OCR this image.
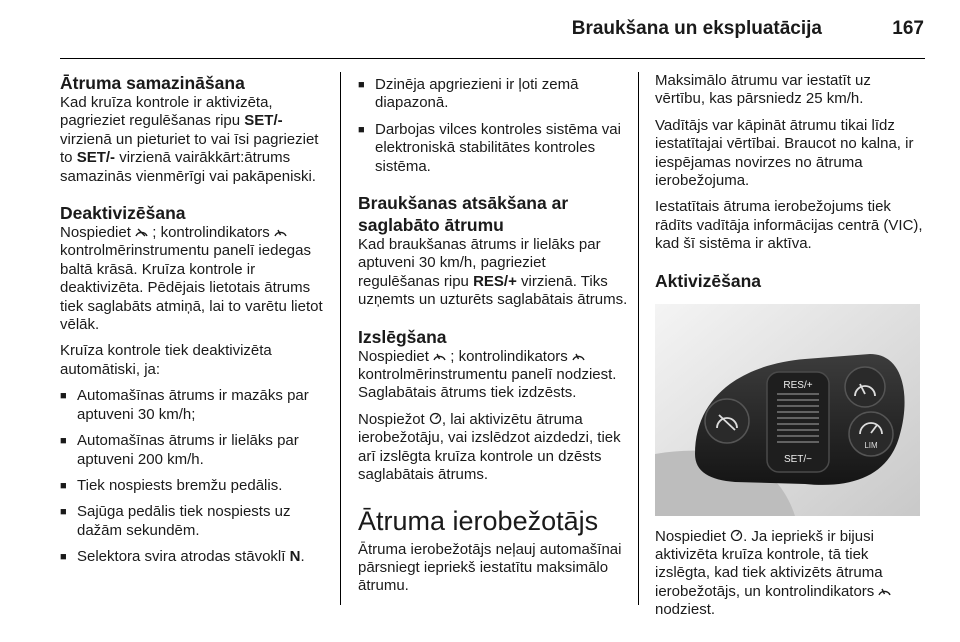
Braukšana un ekspluatācija	167
Ātruma samazināšana

Kad kruīza kontrole ir aktivizēta, pagrieziet regulēšanas ripu SET/- virzienā un pieturiet to vai īsi pagrieziet to SET/- virzienā vairākkārt:ātrums samazinās vienmērīgi vai pakāpeniski.

Deaktivizēšana

Nospiediet ; kontrolindikators  kontrolmērinstrumentu panelī iedegas baltā krāsā. Kruīza kontrole ir deaktivizēta. Pēdējais lietotais ātrums tiek saglabāts atmiņā, lai to varētu lietot vēlāk.

Kruīza kontrole tiek deaktivizēta automātiski, ja:

■ Automašīnas ātrums ir mazāks par aptuveni 30 km/h;
■ Automašīnas ātrums ir lielāks par aptuveni 200 km/h.
■ Tiek nospiests bremžu pedālis.
■ Sajūga pedālis tiek nospiests uz dažām sekundēm.
■ Selektora svira atrodas stāvoklī N.
■ Dzinēja apgriezieni ir ļoti zemā diapazonā.
■ Darbojas vilces kontroles sistēma vai elektroniskā stabilitātes kontroles sistēma.
Braukšanas atsākšana ar saglabāto ātrumu

Kad braukšanas ātrums ir lielāks par aptuveni 30 km/h, pagrieziet regulēšanas ripu RES/+ virzienā. Tiks uzņemts un uzturēts saglabātais ātrums.

Izslēgšana

Nospiediet ; kontrolindikators  kontrolmērinstrumentu panelī nodziest. Saglabātais ātrums tiek izdzēsts.

Nospiežot , lai aktivizētu ātruma ierobežotāju, vai izslēdzot aizdedzi, tiek arī izslēgta kruīza kontrole un dzēsts saglabātais ātrums.

Ātruma ierobežotājs

Ātruma ierobežotājs neļauj automašīnai pārsniegt iepriekš iestatītu maksimālo ātrumu.

Maksimālo ātrumu var iestatīt uz vērtību, kas pārsniedz 25 km/h.

Vadītājs var kāpināt ātrumu tikai līdz iestatītajai vērtībai. Braucot no kalna, ir iespējamas novirzes no ātruma ierobežojuma.

Iestatītais ātruma ierobežojums tiek rādīts vadītāja informācijas centrā (VIC), kad šī sistēma ir aktīva.

Aktivizēšana
RES/+
SET/−
LIM

Nospiediet . Ja iepriekš ir bijusi aktivizēta kruīza kontrole, tā tiek izslēgta, kad tiek aktivizēts ātruma ierobežotājs, un kontrolindikators  nodziest.
